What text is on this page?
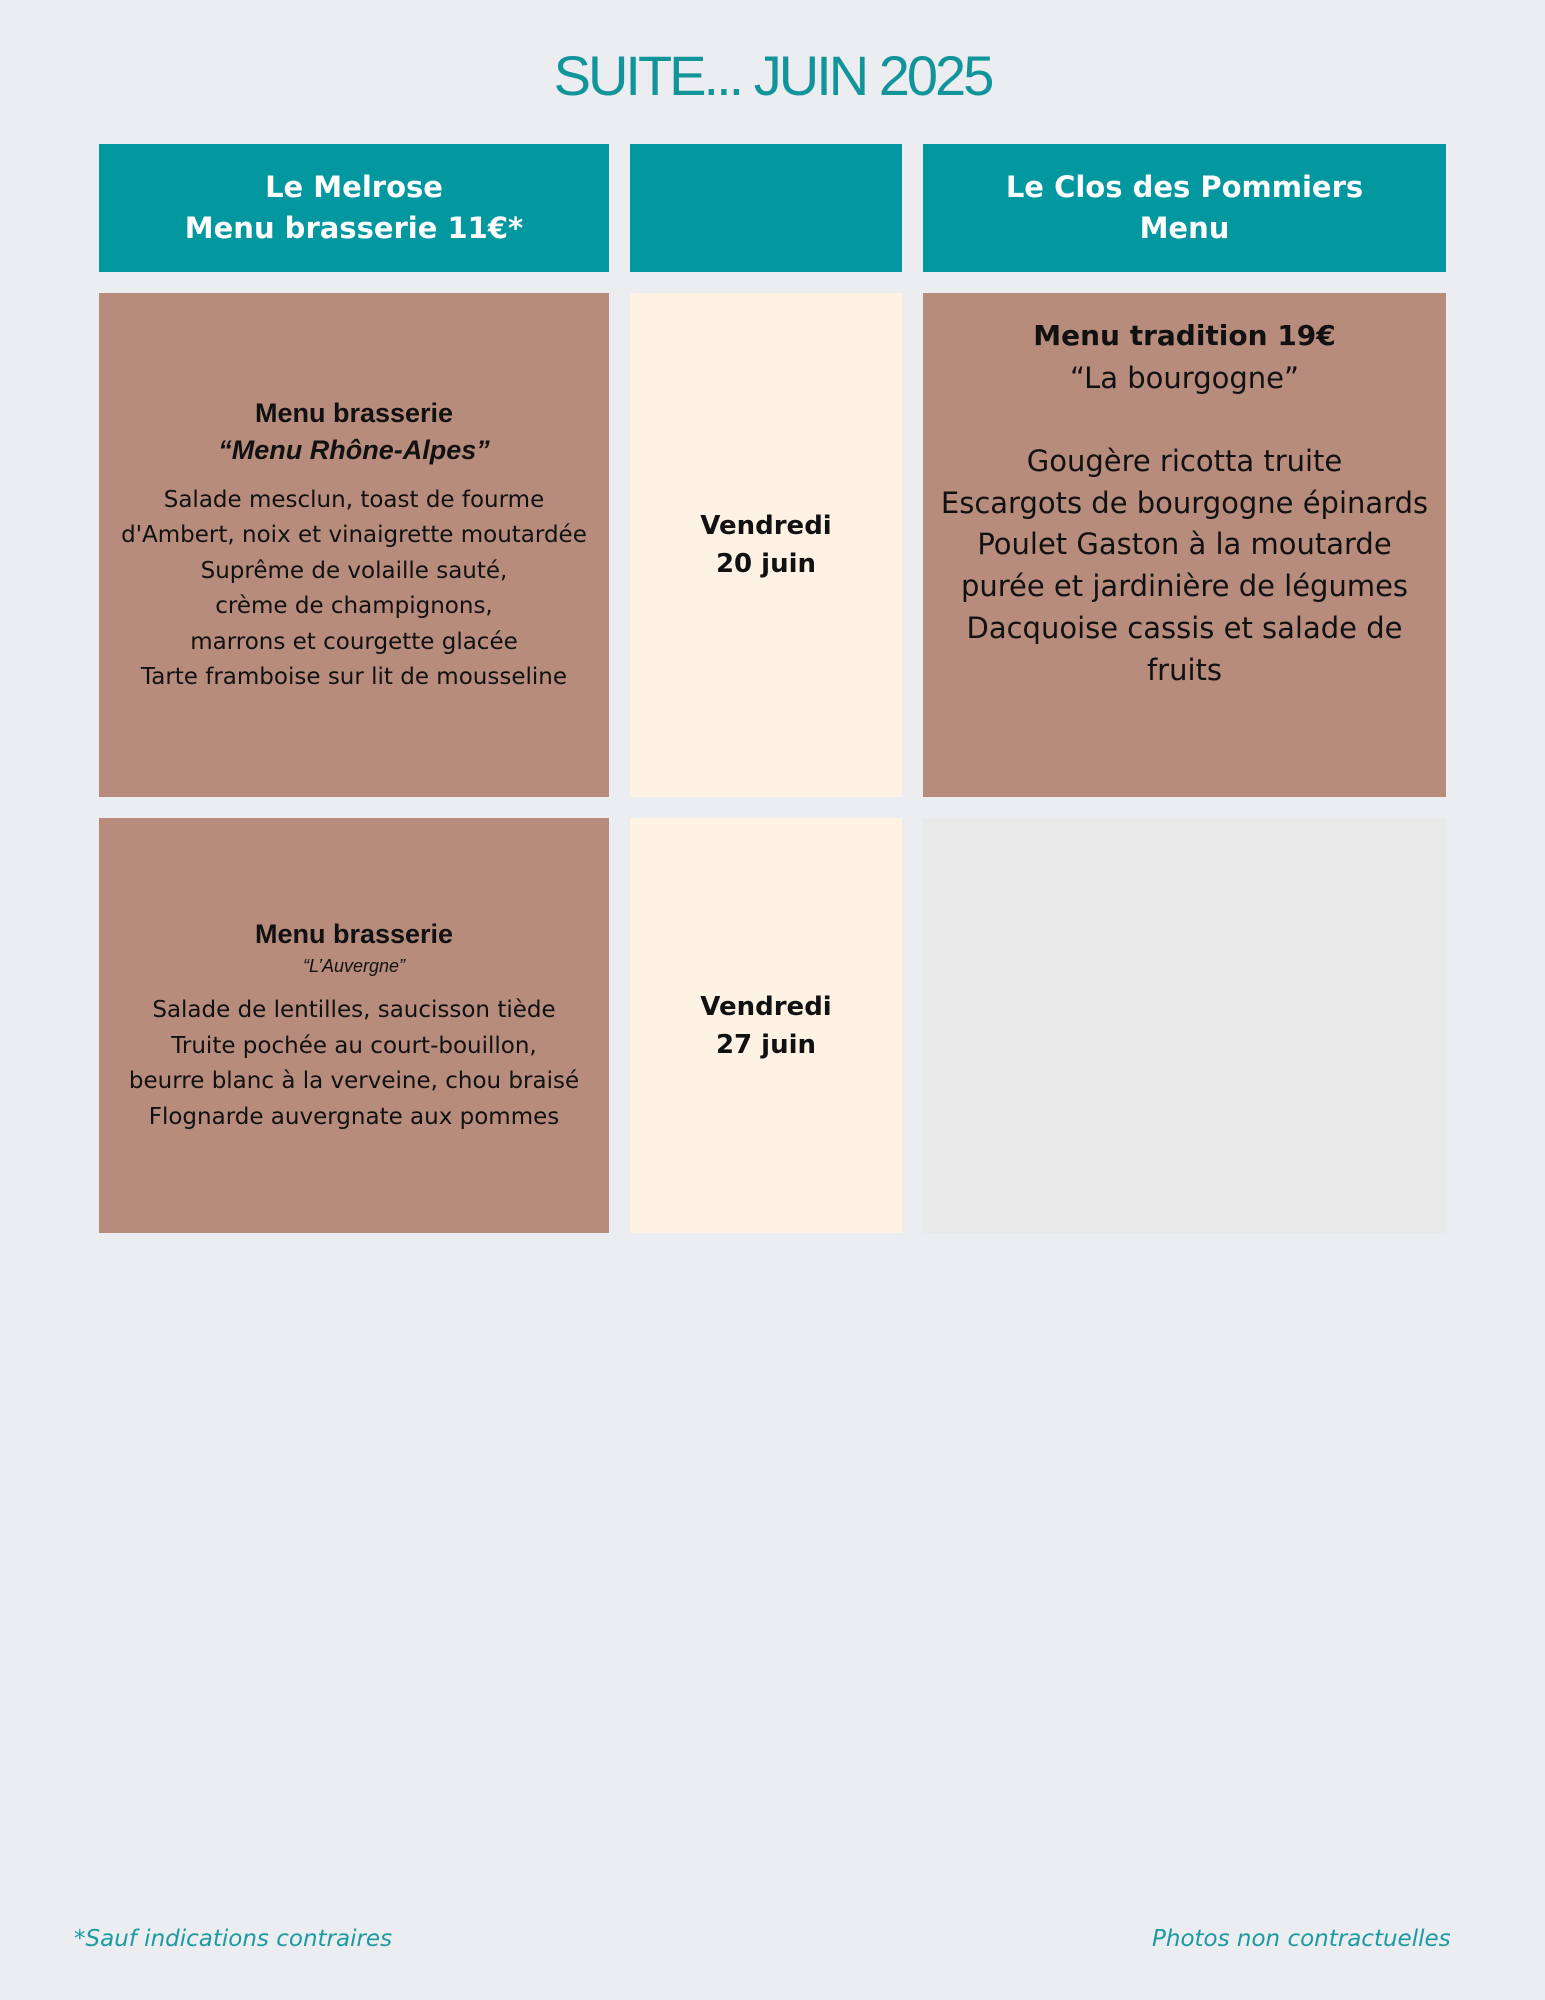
SUITE... JUIN 2025
Le Melrose
Menu brasserie 11€*
Le Clos des Pommiers
Menu
Menu brasserie
“Menu Rhône-Alpes”
Salade mesclun, toast de fourme
d'Ambert, noix et vinaigrette moutardée
Suprême de volaille sauté,
crème de champignons,
marrons et courgette glacée
Tarte framboise sur lit de mousseline
Vendredi
20 juin
Menu tradition 19€
“La bourgogne”
Gougère ricotta truite
Escargots de bourgogne épinards
Poulet Gaston à la moutarde
purée et jardinière de légumes
Dacquoise cassis et salade de
fruits
Menu brasserie
“L’Auvergne”
Salade de lentilles, saucisson tiède
Truite pochée au court-bouillon,
beurre blanc à la verveine, chou braisé
Flognarde auvergnate aux pommes
Vendredi
27 juin
*Sauf indications contraires	Photos non contractuelles
